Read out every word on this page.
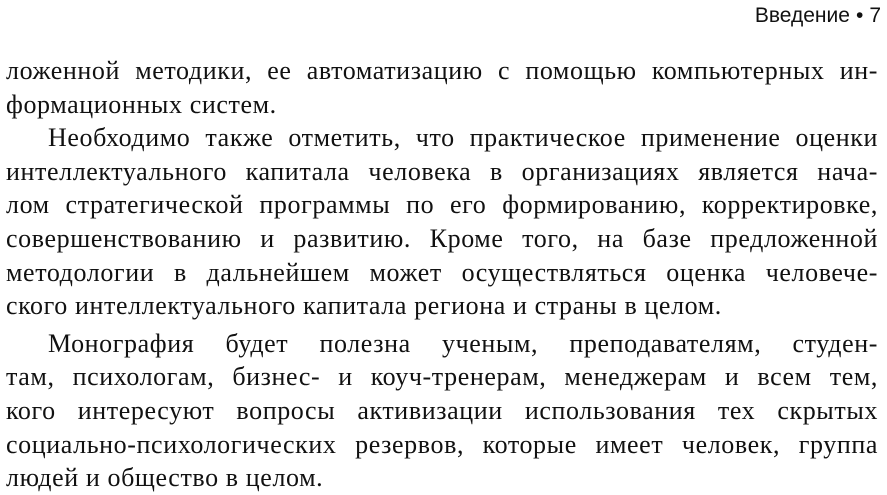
Введение • 7
ложенной методики, ее автоматизацию с помощью компьютерных ин-
формационных систем.
Необходимо также отметить, что практическое применение оценки
интеллектуального капитала человека в организациях является нача-
лом стратегической программы по его формированию, корректировке,
совершенствованию и развитию. Кроме того, на базе предложенной
методологии в дальнейшем может осуществляться оценка человече-
ского интеллектуального капитала региона и страны в целом.
Монография будет полезна ученым, преподавателям, студен-
там, психологам, бизнес- и коуч-тренерам, менеджерам и всем тем,
кого интересуют вопросы активизации использования тех скрытых
социально-психологических резервов, которые имеет человек, группа
людей и общество в целом.
